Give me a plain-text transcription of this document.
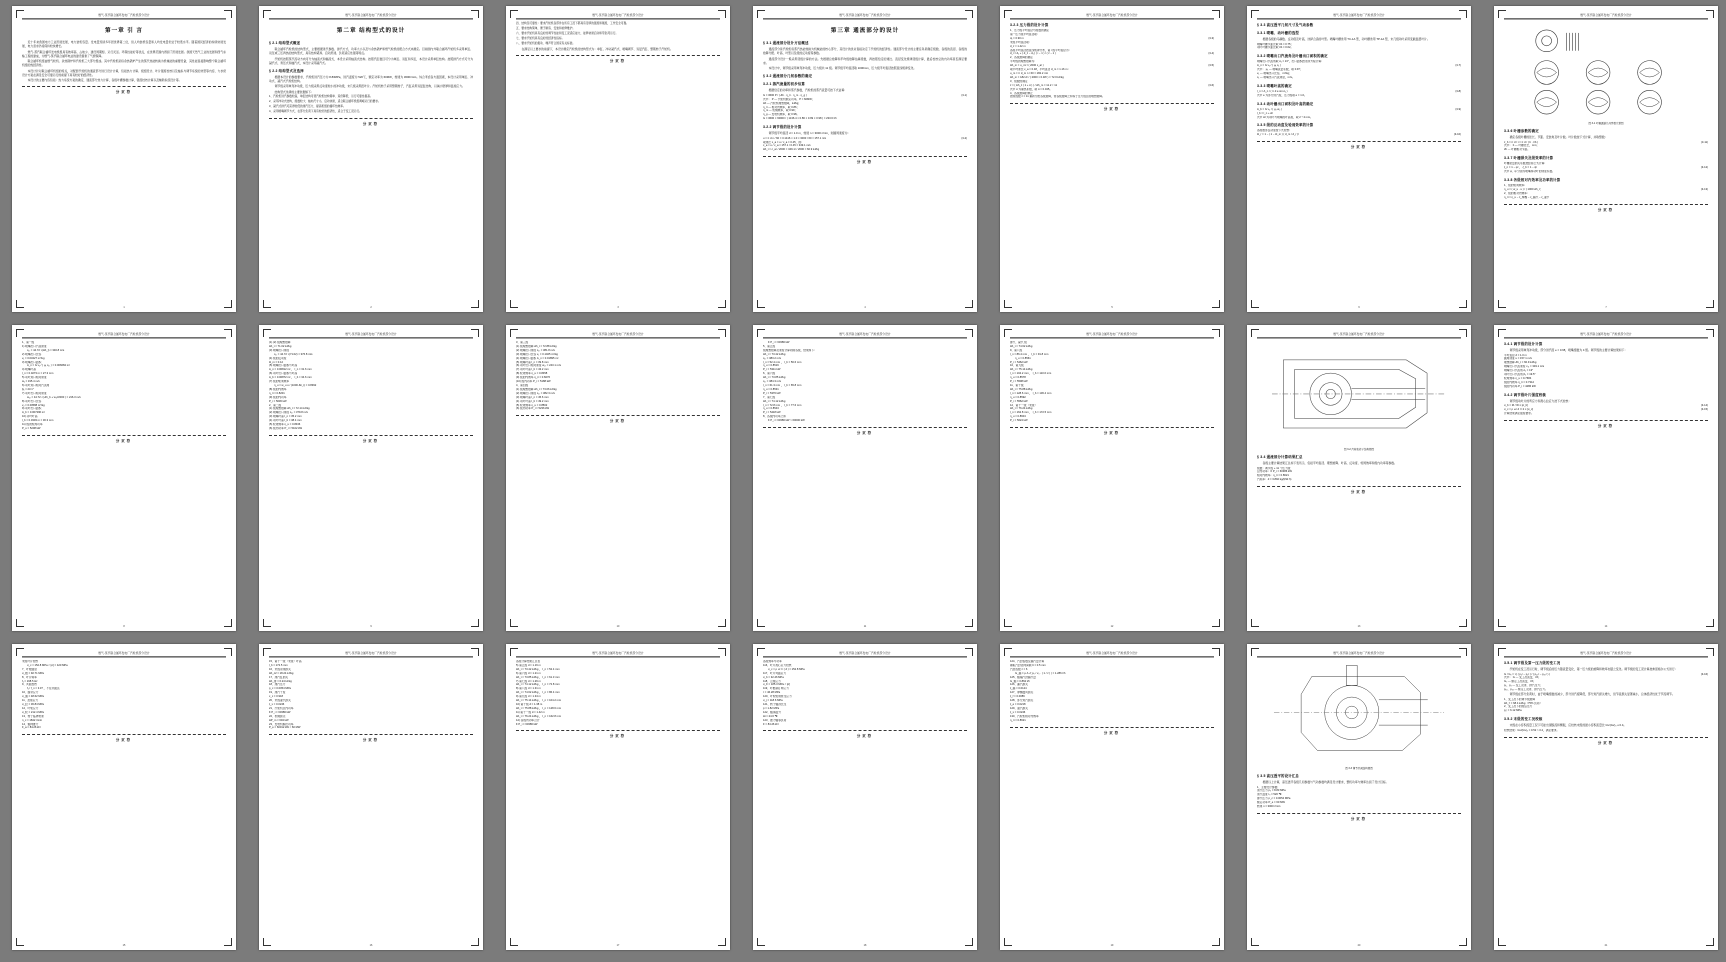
燃气-蒸汽联合循环发电厂汽轮机部分设计
第一章 引 言

近十年来我国电力工业迅速发展，电力装机容量、发电量连续多年居世界第二位，但人均装机容量和人均发电量仍处于较低水平。随着国民经济的持续快速发展，电力需求仍将保持较快增长。

燃气-蒸汽联合循环发电机组具有效率高、占地少、建设周期短、运行灵活、环保性能好等优点，在世界范围内得到了迅速发展。我国天然气工业的发展和西气东输工程的建成，为燃气-蒸汽联合循环电站的建设提供了气源保障。

联合循环机组由燃气轮机、余热锅炉和汽轮机三大部分组成。其中汽轮机是将余热锅炉产生的蒸汽热能转换为机械能的重要设备，其性能直接影响整个联合循环机组的热经济性。

本设计针对联合循环机组的特点，对配套汽轮机的通流部分进行设计计算，包括热力计算、级组设计、叶片强度校核以及轴系与调节系统的选型等内容，力求使设计方案在满足安全可靠运行的前提下具有较好的经济性。

本设计的主要内容包括：热力系统方案的确定，通流部分热力计算，各级叶栅参数计算，强度校核计算以及辅助系统设计等。

分页符
1
燃气-蒸汽联合循环发电厂汽轮机部分设计
第二章 结构型式的设计
§ 2.1 结构型式概述

联合循环汽轮机的结构型式，主要根据进汽参数、排汽方式、功率大小以及与余热锅炉和燃气轮机的配合方式来确定。目前国内外联合循环汽轮机多采用单缸、双压或三压再热的结构型式，具有结构紧凑、启动迅速、负荷适应性强等特点。

汽轮机按照蒸汽流动方向可分为轴流式和辐流式，本设计采用轴流式结构。按照汽缸数目可分为单缸、双缸和多缸，本设计采用单缸结构。按照排汽方式可分为凝汽式、背压式和抽汽式，本设计采用凝汽式。

§ 2.2 结构型式及选择

根据本设计的参数要求，汽轮机进汽压力为 8.83MPa，进汽温度为 520℃，额定功率为 60MW，转速为 3000r/min。综合考虑各方面因素，本设计采用单缸、冲动式、凝汽式汽轮机结构。

调节级采用单列冲动级，压力级采用反动度较小的冲动级，末几级采用扭叶片。汽轮机转子采用整锻转子，汽缸采用双层缸结构，以减小壁厚和温差应力。

结构型式选择的主要依据如下：

1、汽轮机进汽参数较高，单缸结构可使汽轮机结构简单、造价降低、运行可靠性提高。

2、采用冲动式结构，级数较少，轴向尺寸小，启动快速，适合联合循环机组调峰运行的要求。

3、凝汽式排汽可获得较低的排汽压力，提高机组的循环热效率。

4、采用喷嘴调节方式，在部分负荷下具有较好的经济性，适合于变工况运行。

分页符
2
燃气-蒸汽联合循环发电厂汽轮机部分设计

四、结构及可靠性：要求汽轮机各部件在所有工况下都具有足够的强度和刚度，工作安全可靠。

五、要求结构简单，便于制造、安装和检修维护。

六、要求汽轮机具有良好的调节性能和变工况适应能力，能够快速启动和带负荷运行。

七、要求汽轮机具有良好的经济性指标。

八、要求汽轮机的振动、噪声符合国家有关标准。

在满足以上要求的前提下，本设计确定汽轮机的结构型式为：单缸、冲动凝汽式、喷嘴调节、双层汽缸、整锻转子汽轮机。

分页符
3
燃气-蒸汽联合循环发电厂汽轮机部分设计
第三章 通流部分的设计
§ 3.1 通流部分设计方法概述

通流部分是汽轮机将蒸汽热能转换为机械能的核心部分，其设计的优劣直接决定了汽轮机的经济性。通流部分设计的主要任务是确定级数、各级的直径、各级的焓降分配、叶高、叶型以及级的反动度等参数。

通流部分设计一般采用逐级计算的方法。先根据总焓降和平均级焓降估算级数，再按照给定的速比、直径变化规律逐级计算，最后校核总的内功率是否满足要求。

本设计中，调节级采用单列冲动级，压力级共 11 级。调节级平均直径取 1000mm，压力级平均直径按照直线规律变化。

§ 3.2 通流部分几何参数的确定
3.2.1 蒸汽流量的初步估算

根据给定的功率和蒸汽参数，汽轮机的蒸汽流量可按下式估算：

G = 3600 P / ( Δh · η_ri · η_m · η_g )	(3-1)
式中： P — 汽轮机额定功率，P = 60MW；
Δh — 汽轮机理想焓降，kJ/kg；
η_ri — 相对内效率，取 0.86；
η_m — 机械效率，取 0.99；
η_g — 发电机效率，取 0.98。
G = 3600 × 60000 / ( 1136.4 × 0.86 × 0.99 × 0.98 ) = 233.6 t/h
3.2.2 调节级的设计计算

调节级平均直径 d = 1.0 m，转速 n = 3000 r/min，则圆周速度为：

u = π d n / 60 = 3.1416 × 1.0 × 3000 / 60 = 157.1 m/s	(3-2)
取速比 x_a = u / c_a = 0.45，则：
c_a = u / x_a = 157.1 / 0.45 = 349.1 m/s
Δh_t = c_a² / 2000 = 349.1² / 2000 = 60.9 kJ/kg
分页符
4
燃气-蒸汽联合循环发电厂汽轮机部分设计
3.2.3 压力级的设计计算
1、压力级平均直径与级数的确定
第一压力级平均直径取：
d₁ = 0.90 m	(3-3)
末级平均直径取：
d_z = 1.42 m
各级平均直径按直线规律分布，第 i 级平均直径为：
d_i = d₁ + ( d_z − d₁ ) ( i − 1 ) / ( z − 1 )	(3-4)
2、各级焓降的确定
平均级的理想焓降为：
Δh_m = u_m² / ( 2000 x_a² )	(3-5)
取平均速比 x_a = 0.48，平均直径 d_m = 1.16 m：
u_m = π d_m n / 60 = 182.2 m/s
Δh_m = 182.2² / ( 2000 × 0.48² ) = 72.0 kJ/kg
3、级数的确定
z = ( Δh_z ( 1 + α ) ) / Δh_m = 11.2 ≈ 11	(3-6)
式中 α 为重热系数，取 α = 0.045。
4、各级焓降的修正
按照级数 z = 11 重新分配各级焓降，使各级焓降之和等于压力级总的理想焓降。
分页符
5
燃气-蒸汽联合循环发电厂汽轮机部分设计
§ 3.3 高压透平几何尺寸及气动参数
3.3.1 喷嘴、动叶栅的选型

根据各级的马赫数、反动度及叶高，选择合适的叶型。喷嘴叶栅选用 TC-1A 型，动叶栅选用 TP-1A 型，末几级动叶采用变截面扭叶片。

喷嘴叶栅节距比取 t/b = 0.75；
动叶叶栅节距比取 t/b = 0.62。
3.3.2 喷嘴出口汽流角及叶栅出口面积的确定
喷嘴出口汽流角取 α₁ = 13°，出口面积按连续方程计算：
A_n = G v₁ / ( μ₁ c₁ )	(3-7)
式中： μ₁ — 喷嘴流量系数，取 0.97；
v₁ — 喷嘴出口比容，m³/kg；
c₁ — 喷嘴出口汽流速度，m/s。
3.3.3 喷嘴叶高的确定
l_n = A_n / ( π d e sin α₁ )	(3-8)
式中 e 为部分进汽度，压力级取 e = 1.0。
3.3.4 动叶栅出口面积及叶高的确定
A_b = G v₂ / ( μ₂ w₂ )	(3-9)
l_b = l_n + Δl
式中 Δl 为动叶与喷嘴的叶高差，取 2～4 mm。
3.3.5 级的反动度及轮周效率的计算
各级根部反动度按下式校核：
Ω_r = 1 − ( 1 − Ω_m ) ( d_m / d_r )²	(3-10)
分页符
6
燃气-蒸汽联合循环发电厂汽轮机部分设计
图 3-1 叶栅通道几何参数示意图
3.3.6 叶栅参数的确定

确定各级叶栅的弦长、节距、安装角及叶片数。叶片数按下式计算，并取整数：

z_b = π d / t = π d / ( b · t/b )	(3-11)
式中： b — 叶栅弦长，mm；
t/b — 叶栅相对节距。
3.3.7 叶栅损失及级效率的计算
叶栅能量损失系数按经验公式计算：
ζ_n = 1 − φ² ， ζ_b = 1 − ψ²	(3-12)
式中 φ、ψ 分别为喷嘴和动叶的速度系数。
3.3.8 各级相对内效率及功率的计算
1、级的轮周效率：
η_u = ( w_u · u ) / ( 1000 Δh_t )	(3-13)
2、级的相对内效率：
η_ri = η_u − ζ_摩擦 − ζ_漏汽 − ζ_湿汽
分页符
7
燃气-蒸汽联合循环发电厂汽轮机部分设计
1、第一级
1) 喷嘴出口汽流速度
c₁ₜ = 44.72 √(Δh_t) = 346.8 m/s
2) 喷嘴出口比容
v₁ = 0.03427 m³/kg
3) 喷嘴出口面积
A_n = G v₁ / ( μ₁ c₁ₜ ) = 0.006684 m²
4) 喷嘴叶高
l_n = 0.0273 m = 27.3 mm
5) 动叶进口相对速度
w₁ = 195.4 m/s
6) 动叶进口相对汽流角
β₁ = 23.1°
7) 动叶出口相对速度
w₂ₜ = 44.72 √( Δh_b + w₁²/2000 ) = 216.3 m/s
8) 动叶出口比容
v₂ = 0.03588 m³/kg
9) 动叶出口面积
A_b = 0.007296 m²
10) 动叶叶高
l_b = 0.0303 m = 30.3 mm
11) 级的轮周功率
P_u = 5208 kW
分页符
8
燃气-蒸汽联合循环发电厂汽轮机部分设计
(1) (2) 级理想焓降
Δh_t = 71.02 kJ/kg
(3) 喷嘴出口速度
c₁ₜ = 44.72 √(71.02) = 376.8 m/s
(4) 级的反动度
Ω_m = 0.12
(5) 喷嘴出口面积与叶高
A_n = 0.00812 m² ， l_n = 31.6 mm
(6) 动叶出口面积与叶高
A_b = 0.00872 m² ， l_b = 34.6 mm
(7) 级的轮周效率
η_u = w_u u / (1000 Δh_t) = 0.8392
(8) 级的内效率
η_ri = 0.8201
(9) 级的内功率
P_i = 5036 kW
2、第二级
(1) 级理想焓降 Δh_t = 72.14 kJ/kg
(2) 喷嘴出口速度 c₁ₜ = 379.8 m/s
(3) 喷嘴叶高 l_n = 35.2 mm
(4) 动叶叶高 l_b = 38.4 mm
(5) 轮周效率 η_u = 0.8436
(6) 级内功率 P_i = 5102 kW
分页符
9
燃气-蒸汽联合循环发电厂汽轮机部分设计
3、第三级
(1) 级理想焓降 Δh_t = 72.88 kJ/kg
(2) 喷嘴出口速度 c₁ₜ = 381.8 m/s
(3) 喷嘴出口比容 v₁ = 0.1025 m³/kg
(4) 喷嘴出口面积 A_n = 0.01895 m²
(5) 喷嘴叶高 l_n = 39.8 mm
(6) 动叶出口相对速度 w₂ₜ = 243.1 m/s
(7) 动叶叶高 l_b = 43.2 mm
(8) 轮周效率 η_u = 0.8458
(9) 级的内效率 η_ri = 0.8276
(10) 级内功率 P_i = 5188 kW
4、第四级
(1) 级理想焓降 Δh_t = 73.06 kJ/kg
(2) 喷嘴出口速度 c₁ₜ = 382.3 m/s
(3) 喷嘴叶高 l_n = 45.6 mm
(4) 动叶叶高 l_b = 49.2 mm
(5) 轮周效率 η_u = 0.8502
(6) 级内功率 P_i = 5236 kW
分页符
10
燃气-蒸汽联合循环发电厂汽轮机部分设计
Σ P_i = 60386 kW
5、第五级
级理想焓降及速度计算同前各级，结果如下：
Δh_t = 73.42 kJ/kg
c₁ₜ = 383.2 m/s
l_n = 52.4 mm ， l_b = 56.6 mm
η_u = 0.8516
P_i = 5311 kW
6、第六级
Δh_t = 73.85 kJ/kg
c₁ₜ = 384.3 m/s
l_n = 61.3 mm ， l_b = 65.8 mm
η_u = 0.8531
P_i = 5376 kW
7、第七级
Δh_t = 74.12 kJ/kg
l_n = 72.8 mm ， l_b = 77.6 mm
η_u = 0.8543
P_i = 5418 kW
8、各级内功率之和
Σ P_i = 60386 kW > 60000 kW
分页符
11
燃气-蒸汽联合循环发电厂汽轮机部分设计
排汽、凝汽 级
Δh_t = 74.62 kJ/kg
9、第八级
l_n = 86.4 mm ， l_b = 91.8 mm
η_u = 0.8561
P_i = 5462 kW
10、第九级
Δh_t = 75.14 kJ/kg
l_n = 104.2 mm ， l_b = 110.6 mm
η_u = 0.8578
P_i = 5508 kW
11、第十级
Δh_t = 75.88 kJ/kg
l_n = 128.6 mm ， l_b = 136.4 mm
η_u = 0.8592
P_i = 5562 kW
12、第十一级（末级）
Δh_t = 76.24 kJ/kg
l_n = 162.8 mm ， l_b = 172.5 mm
η_u = 0.8604
P_i = 5624 kW
分页符
12
燃气-蒸汽联合循环发电厂汽轮机部分设计
图 3-2 汽轮机转子结构简图
§ 3.4 通流部分计算结果汇总

各级主要计算结果汇总如下表所示，包括平均直径、理想焓降、叶高、反动度、轮周效率和级内功率等参数。

级数：调节级 + 11 个压力级
总内功率：Σ P_i = 60386 kW
相对内效率：η_ri = 0.8621
汽耗率：d = 3.892 kg/(kW·h)
分页符
13
燃气-蒸汽联合循环发电厂汽轮机部分设计
3.4.1 调节级的设计计算

调节级采用单列冲动级，部分进汽度 e = 0.68，喷嘴组数为 4 组。调节级的主要计算结果如下：

平均直径 d = 1.0 m
圆周速度 u = 157.1 m/s
理想焓降 Δh_t = 60.9 kJ/kg
喷嘴出口汽流速度 c₁ₜ = 349.1 m/s
喷嘴出口汽流角 α₁ = 13°
动叶出口汽流角 β₂ = 19.5°
轮周效率 η_u = 0.7684
级的内效率 η_ri = 0.7312
级的内功率 P_i = 4286 kW
3.4.2 调节级叶片强度校核

调节级动叶片的弯应力和离心拉应力按下式校核：

σ_b = M / W ≤ [σ_b]	(3-14)
σ_c = ρ ω² d l / 2 ≤ [σ_c]	(3-15)
计算结果满足强度要求。
分页符
14
燃气-蒸汽联合循环发电厂汽轮机部分设计
末级叶片校核
σ_c = 152.8 MPa < [σ] = 420 MPa
7、叶根强度
σ_根 = 92.71 MPa
8、叶片频率
f₁ = 168.5 Hz
9、共振校核
f₁ / f_n = 3.37 ，不在共振区
10、围带应力
σ_围 = 48.62 MPa
11、拉筋应力
σ_拉 = 36.84 MPa
12、叶轮应力
σ_轮 = 212.4 MPa
13、转子临界转速
n_c = 1842 r/min
14、轴向推力
F_a = 84.26 kN
分页符
15
燃气-蒸汽联合循环发电厂汽轮机部分设计
15、第十一级（末级）叶高
l_b = 172.5 mm
16、末级余速损失
Δh_c2 = 18.24 kJ/kg
17、排汽缸损失
Δh_排 = 6.24 kJ/kg
18、排汽压力
p_c = 0.0054 MPa
19、排汽干度
x_c = 0.918
20、末级湿汽损失
ζ_x = 0.0246
21、汽轮机总内功率
Σ P_i = 60386 kW
22、机械损失
ΔP_m = 604 kW
23、发电机输出功率
P_e = 60012 kW ≈ 60 MW
分页符
16
燃气-蒸汽联合循环发电厂汽轮机部分设计
各级计算结果汇总表
5) 第五级 d = 1.16 m
Δh_t = 73.42 kJ/kg ， l_n = 52.4 mm
6) 第六级 d = 1.21 m
Δh_t = 73.85 kJ/kg ， l_n = 61.3 mm
7) 第七级 d = 1.26 m
Δh_t = 74.12 kJ/kg ， l_n = 72.8 mm
8) 第八级 d = 1.31 m
Δh_t = 74.62 kJ/kg ， l_n = 86.4 mm
9) 第九级 d = 1.34 m
Δh_t = 75.14 kJ/kg ， l_n = 104.2 mm
10) 第十级 d = 1.38 m
Δh_t = 75.88 kJ/kg ， l_n = 128.6 mm
11) 第十一级 d = 1.42 m
Δh_t = 76.24 kJ/kg ， l_n = 162.8 mm
12) 各级内功率合计
Σ P_i = 60386 kW
分页符
17
燃气-蒸汽联合循环发电厂汽轮机部分设计
各级效率与功率
116、叶片离心应力校核
σ_c = ρ u² l / ( d ) = 152.8 MPa
117、叶片弯曲应力
σ_b = 32.46 MPa
118、合成应力
σ_Σ = 185.3 MPa < [σ]
119、叶根销钉剪应力
τ = 46.28 MPa
120、叶轮轮缘挤压应力
σ_j = 118.6 MPa
121、转子轴颈比压
p = 1.82 MPa
122、轴承温升
Δt = 24.6 ℃
123、推力轴承负荷
F = 84.26 kN
分页符
18
燃气-蒸汽联合循环发电厂汽轮机部分设计
124、汽封齿数及漏汽量计算
隔板汽封径向间隙 δ = 0.5 mm
汽封齿数 z = 6
G_漏 = μ A √( p₀ / v₀ · ( 1 / z ) ) = 1.286 t/h
125、轴端汽封漏汽量
G_轴 = 0.862 t/h
126、漏汽损失
ζ_漏 = 0.0124
127、摩擦鼓风损失
ζ_f = 0.0086
128、部分进汽损失
ζ_e = 0.0218
129、湿汽损失
ζ_x = 0.0246
130、汽轮机相对内效率
η_ri = 0.8621
分页符
19
燃气-蒸汽联合循环发电厂汽轮机部分设计
图 3-3 调节汽阀结构简图
§ 3.5 高压透平的设计汇总

根据以上计算，高压透平各级几何参数与气动参数均满足设计要求，整机功率与效率达到了设计目标。

1、主要设计参数：
进汽压力 p₀ = 8.83 MPa
进汽温度 t₀ = 520 ℃
排汽压力 p_c = 0.0054 MPa
额定功率 P_e = 60 MW
转速 n = 3000 r/min
分页符
20
燃气-蒸汽联合循环发电厂汽轮机部分设计
3.5.1 调节级及第一压力级的变工况

汽轮机在变工况运行时，调节级后的压力随流量变化，第一压力级的焓降和效率也随之变化。调节级的变工况计算按弗留格尔公式进行：

G / G₀ = √( ( p₁² − p₂² ) / ( p₁₀² − p₂₀² ) )	(3-16)
式中： G — 变工况流量，t/h；
G₀ — 额定工况流量，t/h；
p₁、p₂ — 变工况进、排汽压力；
p₁₀、p₂₀ — 额定工况进、排汽压力。

调节级在部分负荷时，由于喷嘴组数的减少，部分进汽度降低，部分进汽损失增大，但节流损失显著减小，总体经济性优于节流调节。

1、变工况下的调节级焓降
Δh_t' = 68.4 kJ/kg（75% 负荷）
2、变工况下的级后压力
p₂' = 6.12 MPa
3.5.2 末级的变工况校核

末级在小容积流量工况下可能出现脱流和颤振，应校核末级的最小容积流量比 Gv/(Gv)₀ ≥ 0.4。

校核结果：Gv/(Gv)₀ = 0.52 > 0.4，满足要求。
分页符
21
